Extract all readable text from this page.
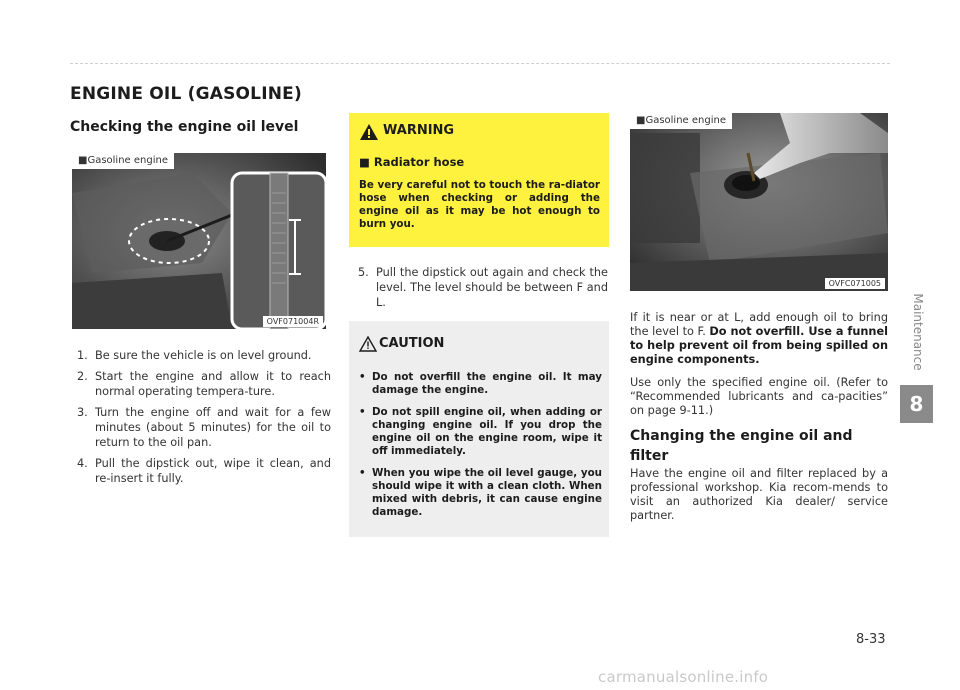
ENGINE OIL (GASOLINE)
Checking the engine oil level
■Gasoline engine
OVF071004R
1. Be sure the vehicle is on level ground.
2. Start the engine and allow it to reach normal operating tempera-ture.
3. Turn the engine off and wait for a few minutes (about 5 minutes) for the oil to return to the oil pan.
4. Pull the dipstick out, wipe it clean, and re-insert it fully.
WARNING
■ Radiator hose
Be very careful not to touch the ra-diator hose when checking or adding the engine oil as it may be hot enough to burn you.
5. Pull the dipstick out again and check the level. The level should be between F and L.
CAUTION
• Do not overfill the engine oil. It may damage the engine.
• Do not spill engine oil, when adding or changing engine oil. If you drop the engine oil on the engine room, wipe it off immediately.
• When you wipe the oil level gauge, you should wipe it with a clean cloth. When mixed with debris, it can cause engine damage.
■Gasoline engine
OVFC071005
If it is near or at L, add enough oil to bring the level to F. Do not overfill. Use a funnel to help prevent oil from being spilled on engine components.
Use only the specified engine oil. (Refer to “Recommended lubricants and ca-pacities” on page 9-11.)
Changing the engine oil and filter
Have the engine oil and filter replaced by a professional workshop. Kia recom-mends to visit an authorized Kia dealer/ service partner.
Maintenance
8
8-33
carmanualsonline.info
